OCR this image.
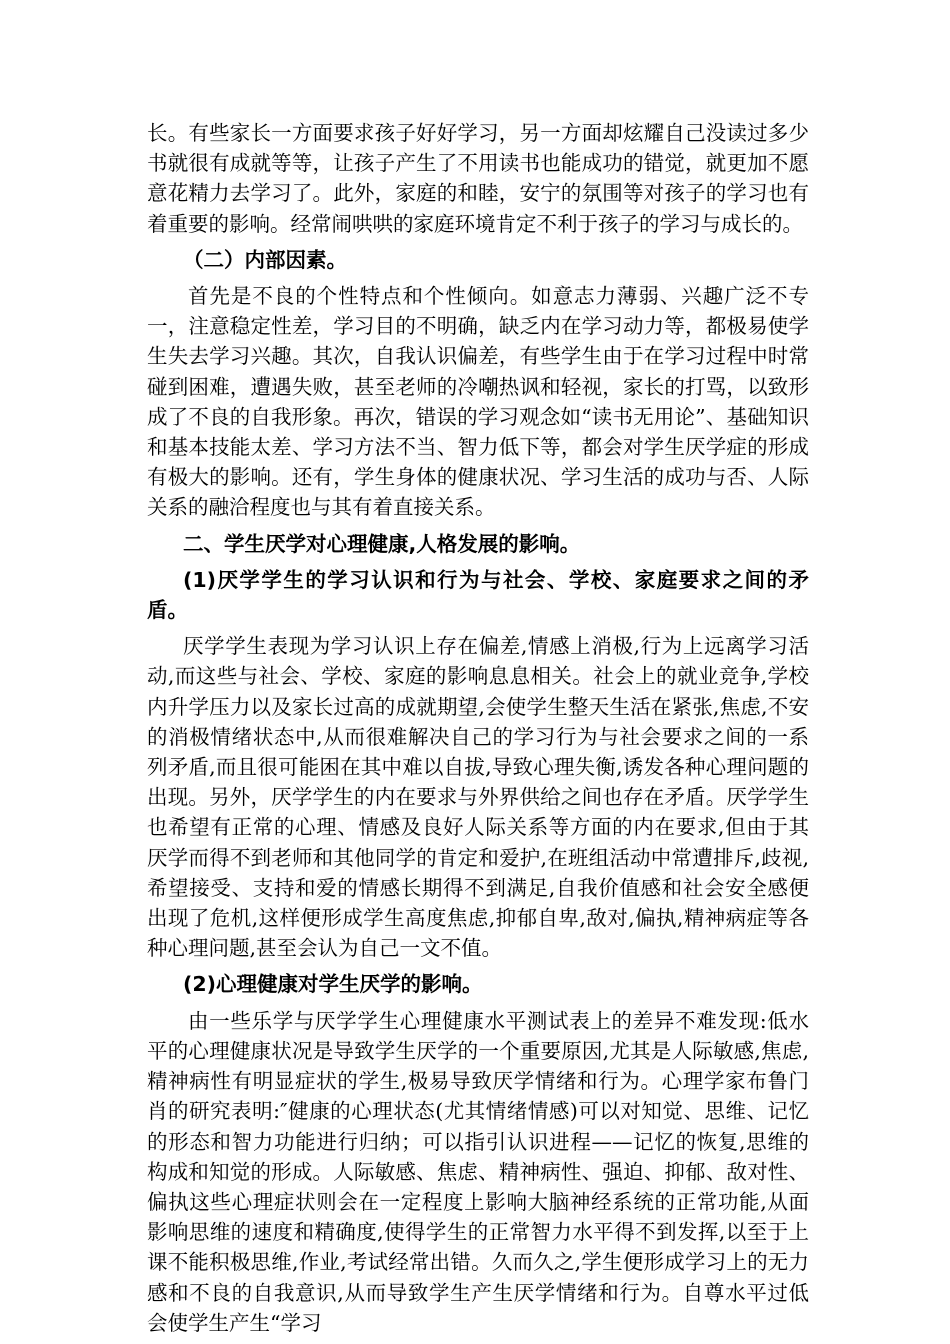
长。有些家长一方面要求孩子好好学习，另一方面却炫耀自己没读过多少书就很有成就等等，让孩子产生了不用读书也能成功的错觉，就更加不愿意花精力去学习了。此外，家庭的和睦，安宁的氛围等对孩子的学习也有着重要的影响。经常闹哄哄的家庭环境肯定不利于孩子的学习与成长的。

（二）内部因素。

首先是不良的个性特点和个性倾向。如意志力薄弱、兴趣广泛不专一，注意稳定性差，学习目的不明确，缺乏内在学习动力等，都极易使学生失去学习兴趣。其次，自我认识偏差，有些学生由于在学习过程中时常碰到困难，遭遇失败，甚至老师的冷嘲热讽和轻视，家长的打骂，以致形成了不良的自我形象。再次，错误的学习观念如“读书无用论”、基础知识和基本技能太差、学习方法不当、智力低下等，都会对学生厌学症的形成有极大的影响。还有，学生身体的健康状况、学习生活的成功与否、人际关系的融洽程度也与其有着直接关系。

二、学生厌学对心理健康,人格发展的影响。

(1)厌学学生的学习认识和行为与社会、学校、家庭要求之间的矛盾。

厌学学生表现为学习认识上存在偏差,情感上消极,行为上远离学习活动,而这些与社会、学校、家庭的影响息息相关。社会上的就业竞争,学校内升学压力以及家长过高的成就期望,会使学生整天生活在紧张,焦虑,不安的消极情绪状态中,从而很难解决自己的学习行为与社会要求之间的一系列矛盾,而且很可能困在其中难以自拔,导致心理失衡,诱发各种心理问题的出现。另外，厌学学生的内在要求与外界供给之间也存在矛盾。厌学学生也希望有正常的心理、情感及良好人际关系等方面的内在要求,但由于其厌学而得不到老师和其他同学的肯定和爱护,在班组活动中常遭排斥,歧视,希望接受、支持和爱的情感长期得不到满足,自我价值感和社会安全感便出现了危机,这样便形成学生高度焦虑,抑郁自卑,敌对,偏执,精神病症等各种心理问题,甚至会认为自己一文不值。

(2)心理健康对学生厌学的影响。

由一些乐学与厌学学生心理健康水平测试表上的差异不难发现:低水平的心理健康状况是导致学生厌学的一个重要原因,尤其是人际敏感,焦虑,精神病性有明显症状的学生,极易导致厌学情绪和行为。心理学家布鲁门肖的研究表明:″健康的心理状态(尤其情绪情感)可以对知觉、思维、记忆的形态和智力功能进行归纳；可以指引认识进程——记忆的恢复,思维的构成和知觉的形成。人际敏感、焦虑、精神病性、强迫、抑郁、敌对性、偏执这些心理症状则会在一定程度上影响大脑神经系统的正常功能,从面影响思维的速度和精确度,使得学生的正常智力水平得不到发挥,以至于上课不能积极思维,作业,考试经常出错。久而久之,学生便形成学习上的无力感和不良的自我意识,从而导致学生产生厌学情绪和行为。自尊水平过低会使学生产生“学习
